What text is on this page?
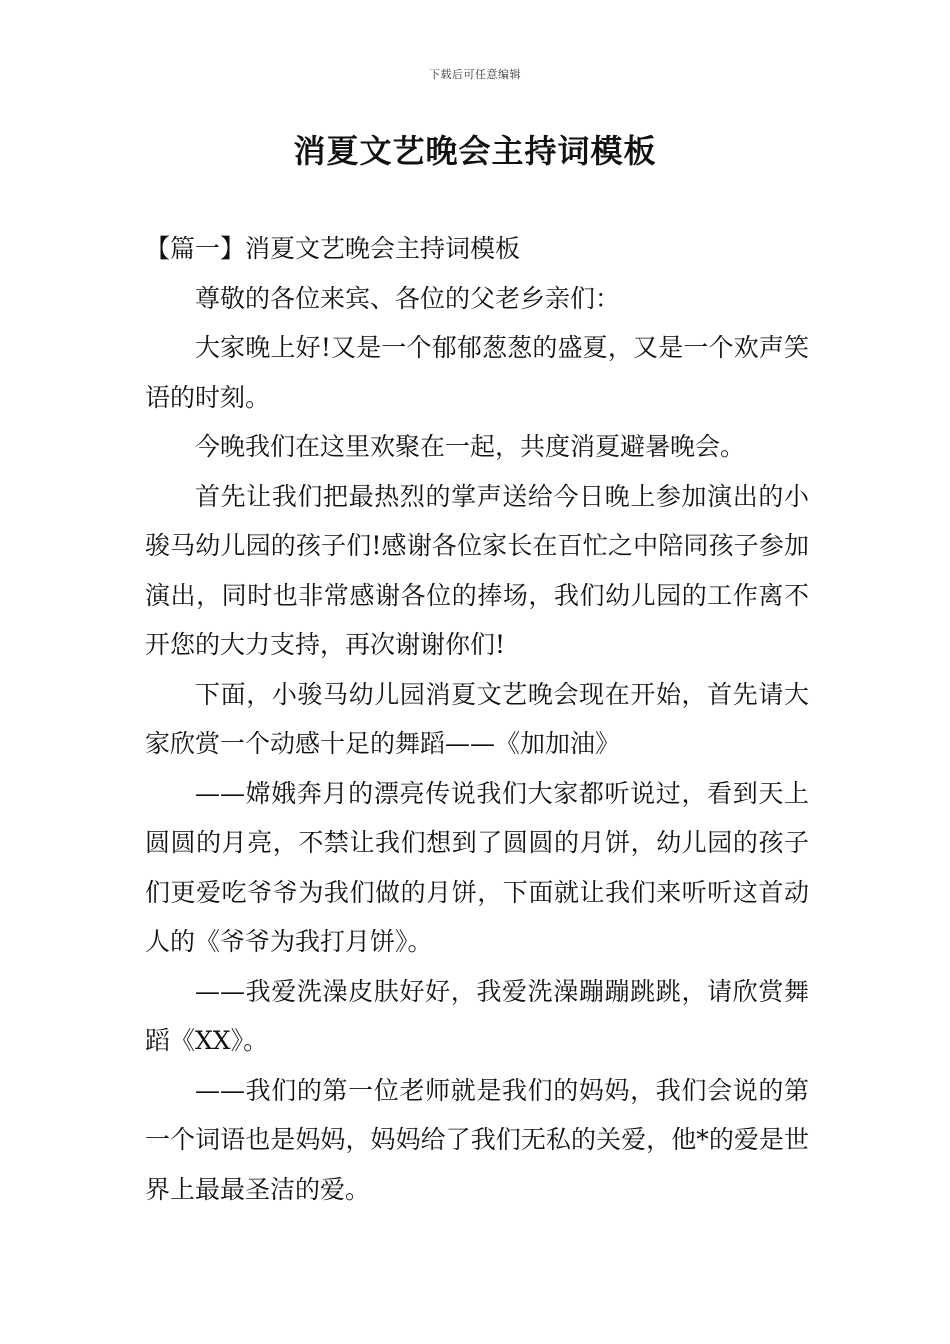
下载后可任意编辑
消夏文艺晚会主持词模板

【篇一】消夏文艺晚会主持词模板

尊敬的各位来宾、各位的父老乡亲们：

大家晚上好!又是一个郁郁葱葱的盛夏，又是一个欢声笑语的时刻。

今晚我们在这里欢聚在一起，共度消夏避暑晚会。

首先让我们把最热烈的掌声送给今日晚上参加演出的小骏马幼儿园的孩子们!感谢各位家长在百忙之中陪同孩子参加演出，同时也非常感谢各位的捧场，我们幼儿园的工作离不开您的大力支持，再次谢谢你们!

下面，小骏马幼儿园消夏文艺晚会现在开始，首先请大家欣赏一个动感十足的舞蹈——《加加油》

——嫦娥奔月的漂亮传说我们大家都听说过，看到天上圆圆的月亮，不禁让我们想到了圆圆的月饼，幼儿园的孩子们更爱吃爷爷为我们做的月饼，下面就让我们来听听这首动人的《爷爷为我打月饼》。

——我爱洗澡皮肤好好，我爱洗澡蹦蹦跳跳，请欣赏舞蹈《XX》。

——我们的第一位老师就是我们的妈妈，我们会说的第一个词语也是妈妈，妈妈给了我们无私的关爱，他*的爱是世界上最最圣洁的爱。
